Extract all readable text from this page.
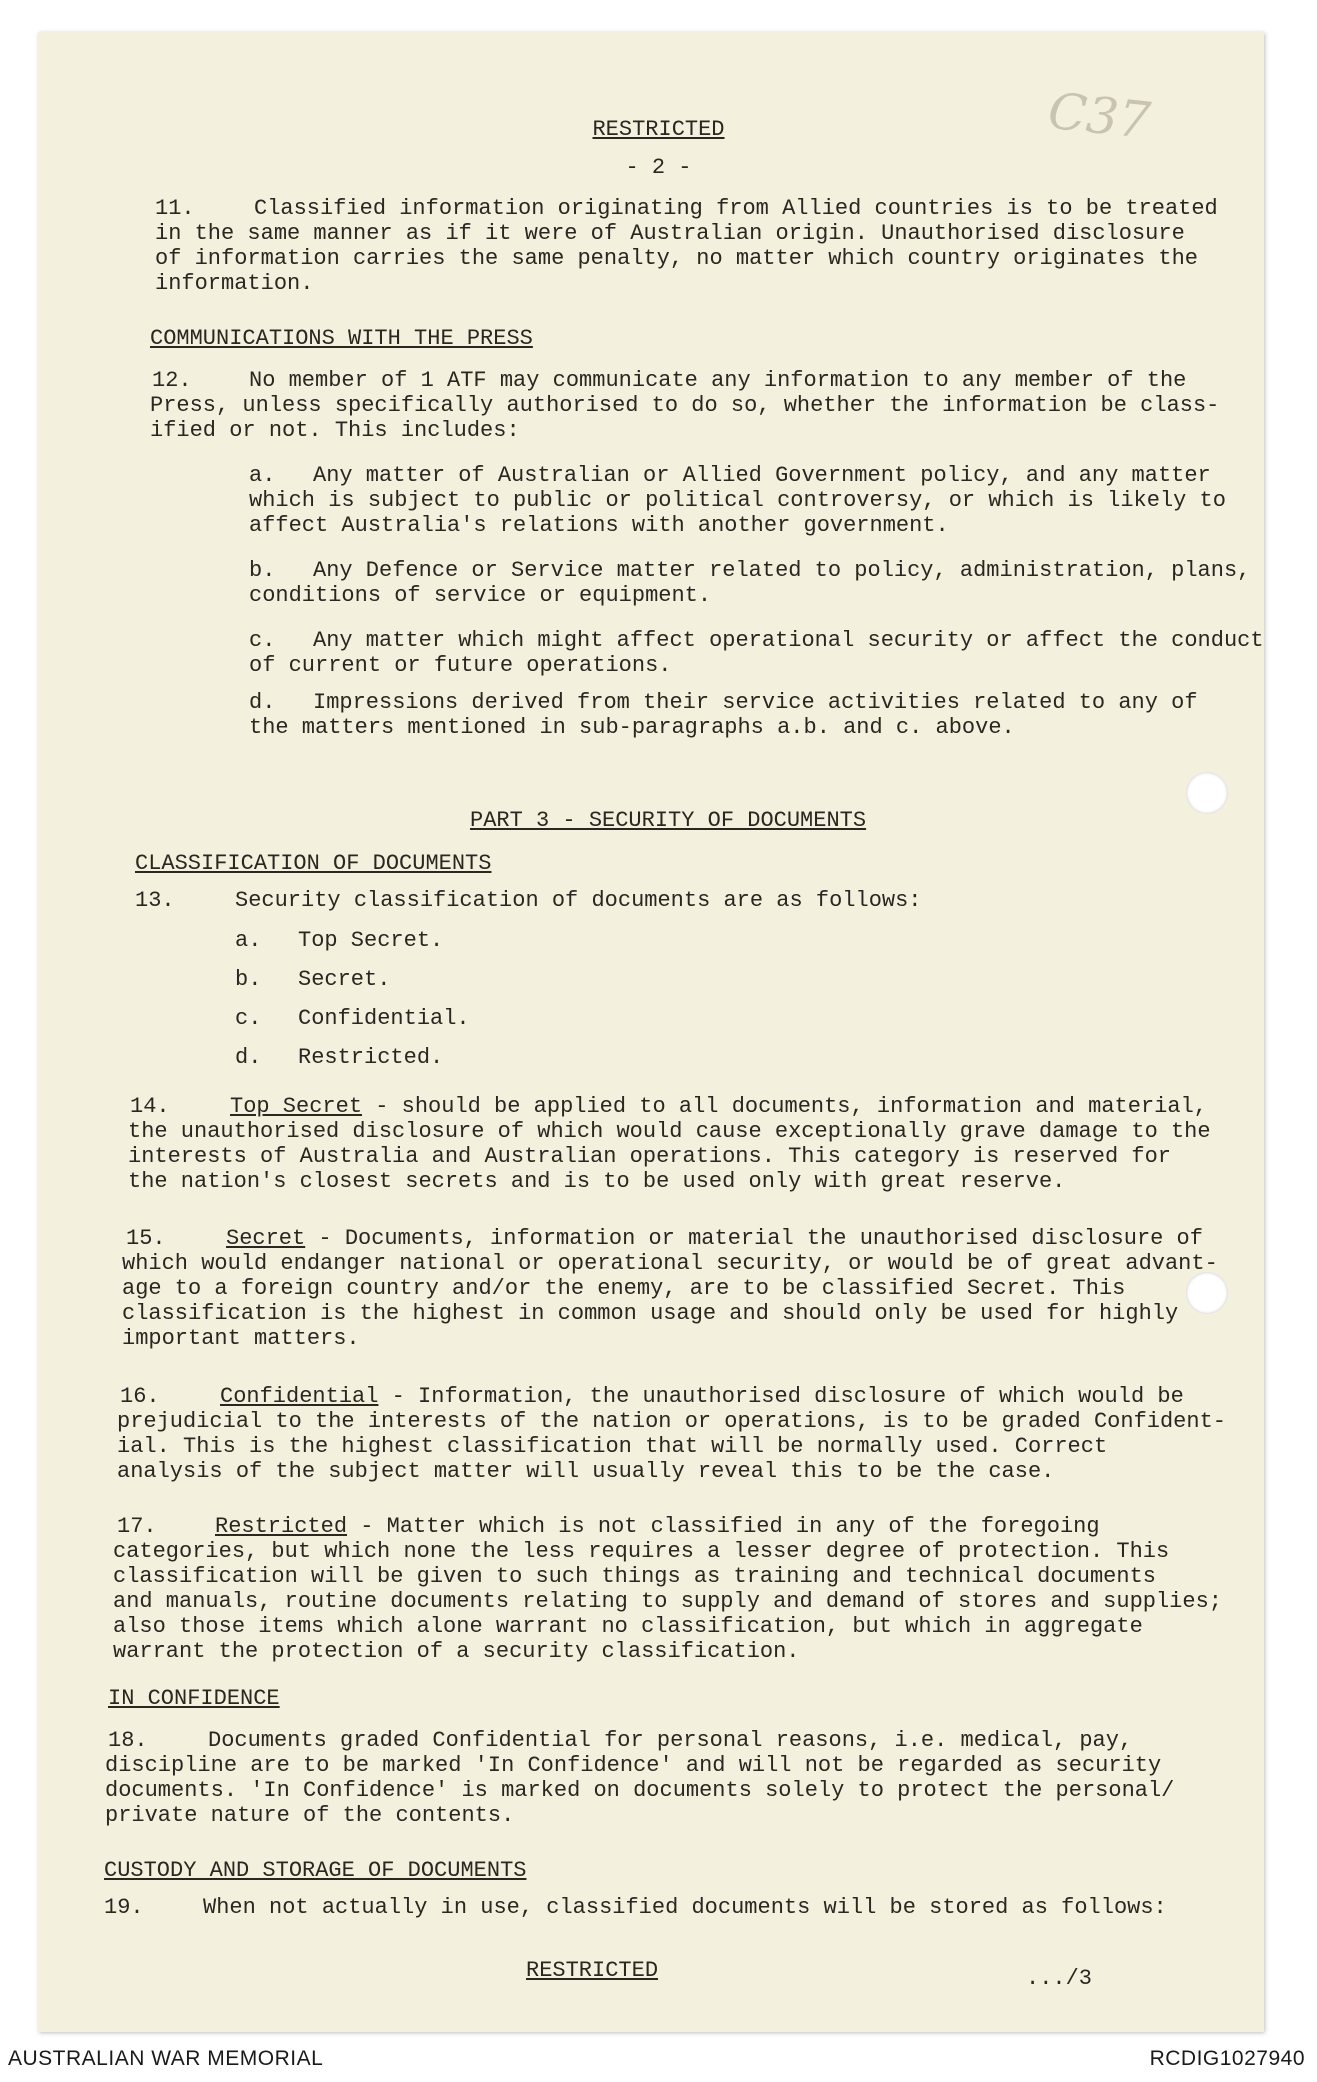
C37
RESTRICTED
- 2 -
11.	Classified information originating from Allied countries is to be treated
in the same manner as if it were of Australian origin. Unauthorised disclosure
of information carries the same penalty, no matter which country originates the
information.
COMMUNICATIONS WITH THE PRESS
12.	No member of 1 ATF may communicate any information to any member of the
Press, unless specifically authorised to do so, whether the information be class-
ified or not. This includes:
a. Any matter of Australian or Allied Government policy, and any matter
which is subject to public or political controversy, or which is likely to
affect Australia's relations with another government.
b. Any Defence or Service matter related to policy, administration, plans,
conditions of service or equipment.
c. Any matter which might affect operational security or affect the conduct
of current or future operations.
d. Impressions derived from their service activities related to any of
the matters mentioned in sub-paragraphs a.b. and c. above.
PART 3 - SECURITY OF DOCUMENTS
CLASSIFICATION OF DOCUMENTS
13.	Security classification of documents are as follows:
a. Top Secret.
b. Secret.
c. Confidential.
d. Restricted.
14.	Top Secret - should be applied to all documents, information and material,
the unauthorised disclosure of which would cause exceptionally grave damage to the
interests of Australia and Australian operations. This category is reserved for
the nation's closest secrets and is to be used only with great reserve.
15.	Secret - Documents, information or material the unauthorised disclosure of
which would endanger national or operational security, or would be of great advant-
age to a foreign country and/or the enemy, are to be classified Secret. This
classification is the highest in common usage and should only be used for highly
important matters.
16.	Confidential - Information, the unauthorised disclosure of which would be
prejudicial to the interests of the nation or operations, is to be graded Confident-
ial. This is the highest classification that will be normally used. Correct
analysis of the subject matter will usually reveal this to be the case.
17.	Restricted - Matter which is not classified in any of the foregoing
categories, but which none the less requires a lesser degree of protection. This
classification will be given to such things as training and technical documents
and manuals, routine documents relating to supply and demand of stores and supplies;
also those items which alone warrant no classification, but which in aggregate
warrant the protection of a security classification.
IN CONFIDENCE
18.	Documents graded Confidential for personal reasons, i.e. medical, pay,
discipline are to be marked 'In Confidence' and will not be regarded as security
documents. 'In Confidence' is marked on documents solely to protect the personal/
private nature of the contents.
CUSTODY AND STORAGE OF DOCUMENTS
19.	When not actually in use, classified documents will be stored as follows:
RESTRICTED	.../3
AUSTRALIAN WAR MEMORIAL	RCDIG1027940
